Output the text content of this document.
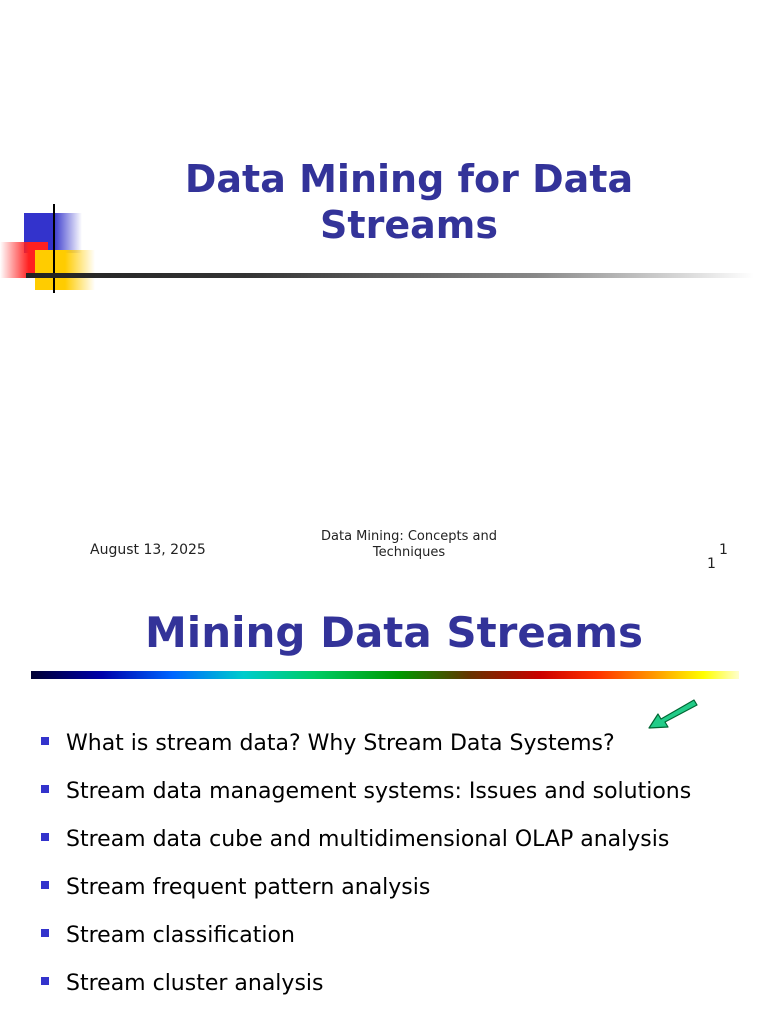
Data Mining for Data Streams
August 13, 2025
Data Mining: Concepts and Techniques	1
1
Mining Data Streams
What is stream data? Why Stream Data Systems?
Stream data management systems: Issues and solutions
Stream data cube and multidimensional OLAP analysis
Stream frequent pattern analysis
Stream classification
Stream cluster analysis
